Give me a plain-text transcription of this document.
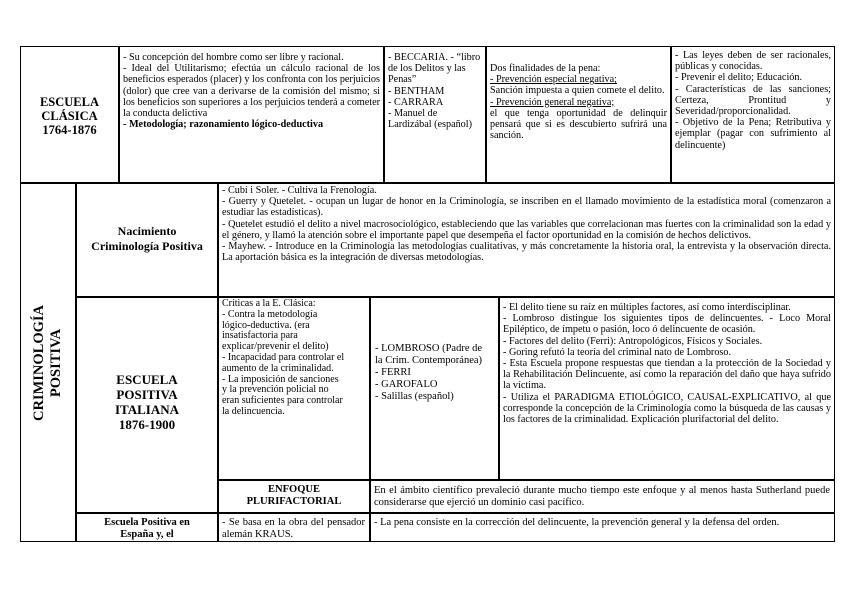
ESCUELA
CLÁSICA
1764-1876
- Su concepción del hombre como ser libre y racional.
- Ideal del Utilitarismo; efectúa un cálculo racional de los beneficios esperados (placer) y los confronta con los perjuicios (dolor) que cree van a derivarse de la comisión del mismo; si los beneficios son superiores a los perjuicios tenderá a cometer la conducta delictiva
- Metodología; razonamiento lógico-deductiva
- BECCARIA. - “libro de los Delitos y las Penas”
- BENTHAM
- CARRARA
- Manuel de Lardizábal (español)
Dos finalidades de la pena:
- Prevención especial negativa;
Sanción impuesta a quien comete el delito.
- Prevención general negativa;
el que tenga oportunidad de delinquir pensará que si es descubierto sufrirá una sanción.
- Las leyes deben de ser racionales, públicas y conocidas.
- Prevenir el delito; Educación.
- Características de las sanciones; Certeza, Prontitud y Severidad/proporcionalidad.
- Objetivo de la Pena; Retributiva y ejemplar (pagar con sufrimiento al delincuente)
CRIMINOLOGÍA POSITIVA
Nacimiento
Criminología Positiva
- Cubí i Soler. - Cultiva la Frenología.
- Guerry y Quetelet. - ocupan un lugar de honor en la Criminología, se inscriben en el llamado movimiento de la estadística moral (comenzaron a estudiar las estadísticas).
- Quetelet estudió el delito a nivel macrosociológico, estableciendo que las variables que correlacionan mas fuertes con la criminalidad son la edad y el género, y llamó la atención sobre el importante papel que desempeña el factor oportunidad en la comisión de hechos delictivos.
- Mayhew. - Introduce en la Criminología las metodologías cualitativas, y más concretamente la historia oral, la entrevista y la observación directa. La aportación básica es la integración de diversas metodologías.
ESCUELA
POSITIVA
ITALIANA
1876-1900
Críticas a la E. Clásica:
- Contra la metodología lógico-deductiva. (era insatisfactoria para explicar/prevenir el delito)
- Incapacidad para controlar el aumento de la criminalidad.
- La imposición de sanciones y la prevención policial no eran suficientes para controlar la delincuencia.
- LOMBROSO (Padre de la Crim. Contemporánea)
- FERRI
- GAROFALO
- Salillas (español)
- El delito tiene su raíz en múltiples factores, así como interdisciplinar.
- Lombroso distingue los siguientes tipos de delincuentes. - Loco Moral Epiléptico, de ímpetu o pasión, loco ó delincuente de ocasión.
- Factores del delito (Ferri): Antropológicos, Físicos y Sociales.
- Goring refutó la teoría del criminal nato de Lombroso.
- Esta Escuela propone respuestas que tiendan a la protección de la Sociedad y la Rehabilitación Delincuente, así como la reparación del daño que haya sufrido la víctima.
- Utiliza el PARADIGMA ETIOLÓGICO, CAUSAL-EXPLICATIVO, al que corresponde la concepción de la Criminología como la búsqueda de las causas y los factores de la criminalidad. Explicación plurifactorial del delito.
ENFOQUE
PLURIFACTORIAL
En el ámbito científico prevaleció durante mucho tiempo este enfoque y al menos hasta Sutherland puede considerarse que ejerció un dominio casi pacífico.
Escuela Positiva en
España y, el
- Se basa en la obra del pensador alemán KRAUS.
- La pena consiste en la corrección del delincuente, la prevención general y la defensa del orden.
